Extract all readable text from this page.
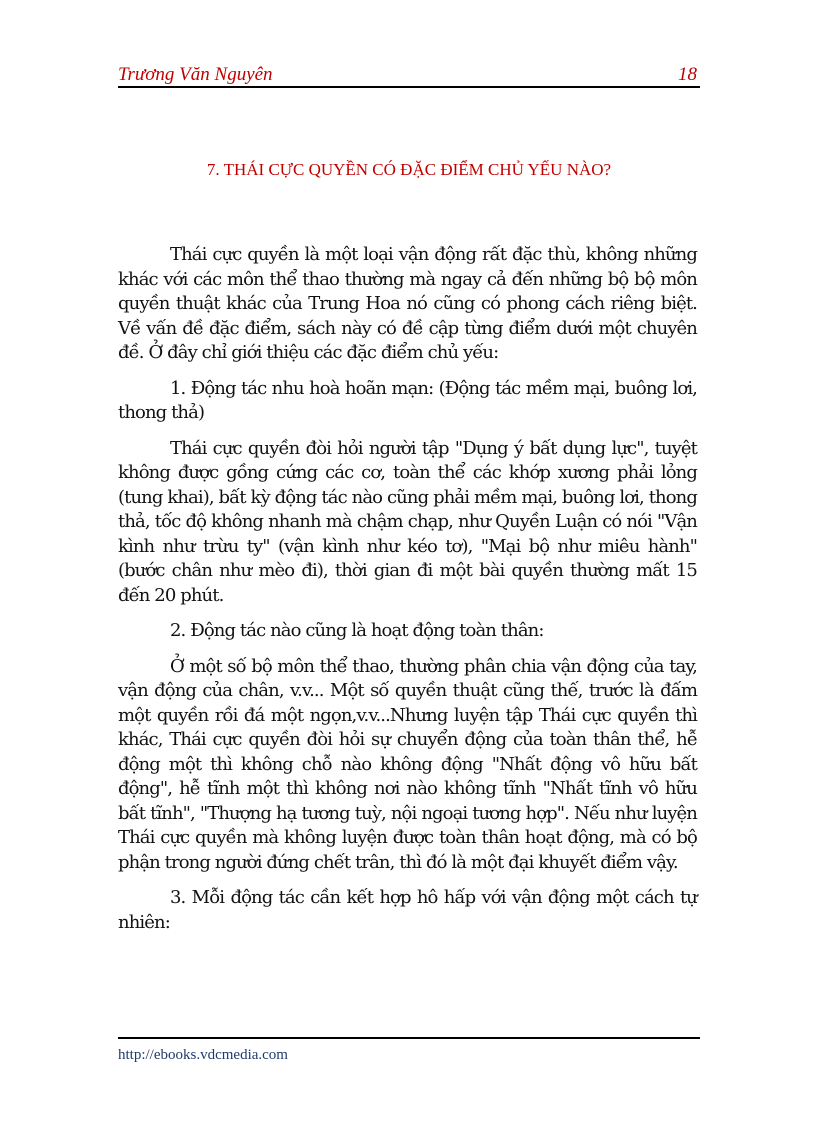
Trương Văn Nguyên	18
7. THÁI CỰC QUYỀN CÓ ĐẶC ĐIỂM CHỦ YẾU NÀO?

Thái cực quyền là một loại vận động rất đặc thù, không những khác với các môn thể thao thường mà ngay cả đến những bộ bộ môn quyền thuật khác của Trung Hoa nó cũng có phong cách riêng biệt. Về vấn đề đặc điểm, sách này có đề cập từng điểm dưới một chuyên đề. Ở đây chỉ giới thiệu các đặc điểm chủ yếu:

1. Động tác nhu hoà hoãn mạn: (Động tác mềm mại, buông lơi, thong thả)

Thái cực quyền đòi hỏi người tập "Dụng ý bất dụng lực", tuyệt không được gồng cứng các cơ, toàn thể các khớp xương phải lỏng (tung khai), bất kỳ động tác nào cũng phải mềm mại, buông lơi, thong thả, tốc độ không nhanh mà chậm chạp, như Quyền Luận có nói "Vận kình như trừu ty" (vận kình như kéo tơ), "Mại bộ như miêu hành" (bước chân như mèo đi), thời gian đi một bài quyền thường mất 15 đến 20 phút.

2. Động tác nào cũng là hoạt động toàn thân:

Ở một số bộ môn thể thao, thường phân chia vận động của tay, vận động của chân, v.v... Một số quyền thuật cũng thế, trước là đấm một quyền rồi đá một ngọn,v.v...Nhưng luyện tập Thái cực quyền thì khác, Thái cực quyền đòi hỏi sự chuyển động của toàn thân thể, hễ động một thì không chỗ nào không động "Nhất động vô hữu bất động", hễ tĩnh một thì không nơi nào không tĩnh "Nhất tĩnh vô hữu bất tĩnh", "Thượng hạ tương tuỳ, nội ngoại tương hợp". Nếu như luyện Thái cực quyền mà không luyện được toàn thân hoạt động, mà có bộ phận trong người đứng chết trân, thì đó là một đại khuyết điểm vậy.

3. Mỗi động tác cần kết hợp hô hấp với vận động một cách tự nhiên:

http://ebooks.vdcmedia.com
